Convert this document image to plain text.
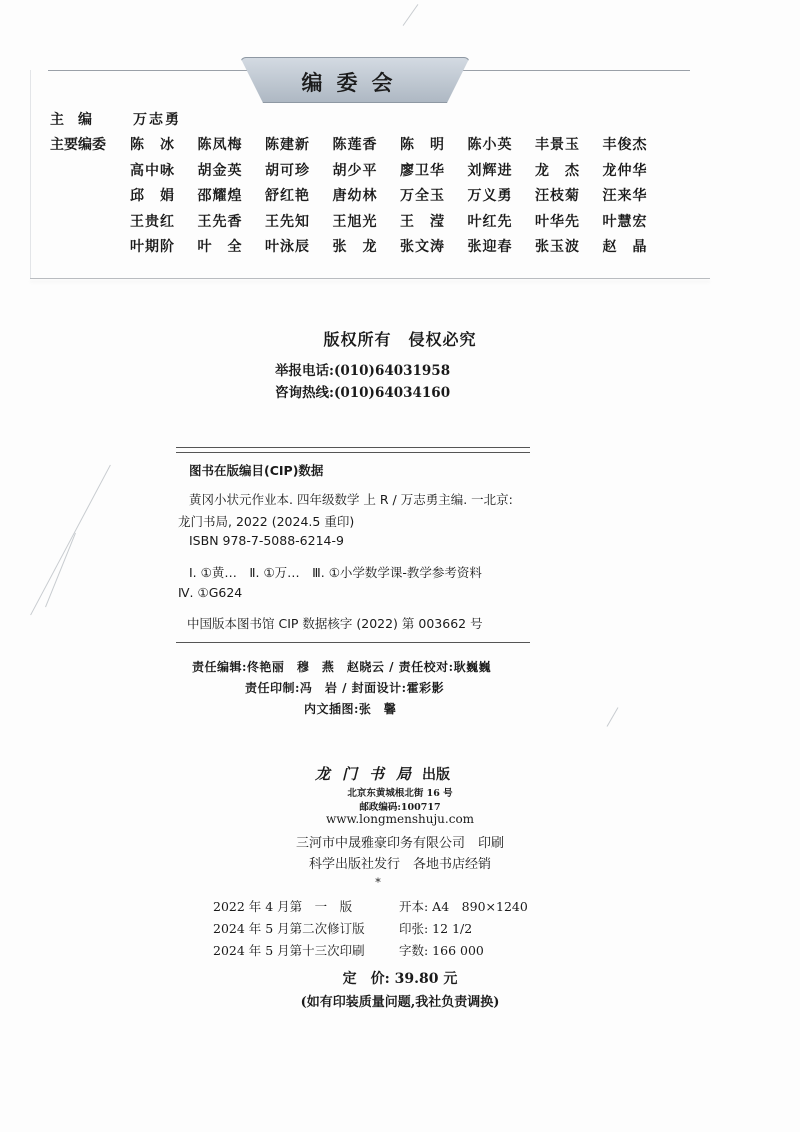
编委会
主　编	万志勇
主要编委 陈　冰	陈凤梅	陈建新	陈莲香	陈　明	陈小英	丰景玉	丰俊杰
高中咏	胡金英	胡可珍	胡少平	廖卫华	刘辉进	龙　杰	龙仲华
邱　娟	邵耀煌	舒红艳	唐幼林	万全玉	万义勇	汪枝菊	汪来华
王贵红	王先香	王先知	王旭光	王　滢	叶红先	叶华先	叶慧宏
叶期阶	叶　全	叶泳辰	张　龙	张文涛	张迎春	张玉波	赵　晶
版权所有　侵权必究
举报电话:(010)64031958
咨询热线:(010)64034160
图书在版编目(CIP)数据
黄冈小状元作业本. 四年级数学 上 R / 万志勇主编. 一北京:
龙门书局, 2022 (2024.5 重印)
ISBN 978-7-5088-6214-9
Ⅰ. ①黄…　Ⅱ. ①万…　Ⅲ. ①小学数学课-教学参考资料
Ⅳ. ①G624
中国版本图书馆 CIP 数据核字 (2022) 第 003662 号
责任编辑:佟艳丽　穆　燕　赵晓云 / 责任校对:耿巍巍
责任印制:冯　岩 / 封面设计:霍彩影
内文插图:张　馨
龙门书局
出版
北京东黄城根北街 16 号
邮政编码:100717
www.longmenshuju.com
三河市中晟雅豪印务有限公司　印刷
科学出版社发行　各地书店经销
*
2022 年 4 月第　一　版	开本: A4　890×1240
2024 年 5 月第二次修订版	印张: 12 1/2
2024 年 5 月第十三次印刷	字数: 166 000
定　价: 39.80 元
(如有印装质量问题,我社负责调换)
